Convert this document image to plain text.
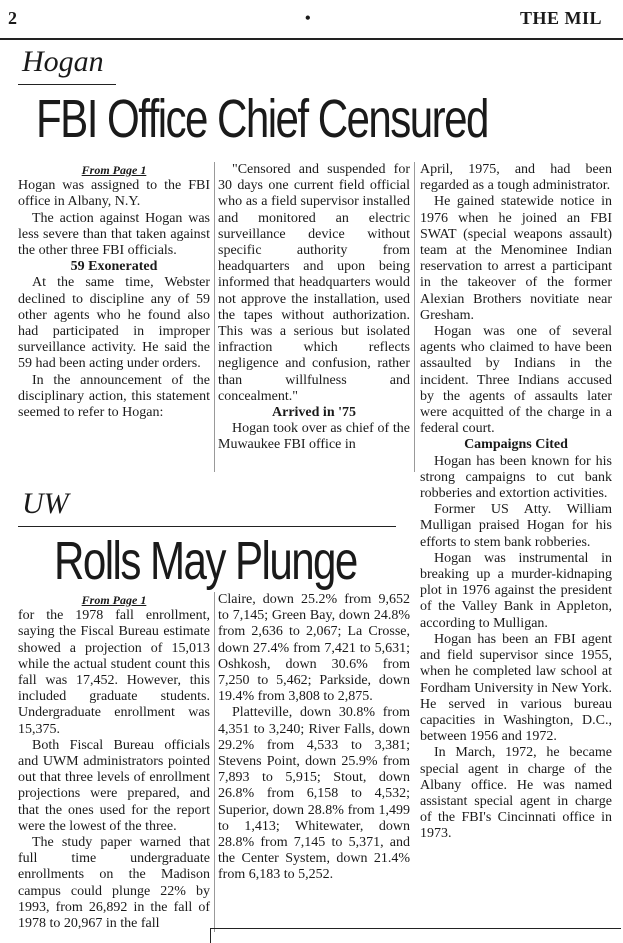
2	•	THE MIL
Hogan
FBI Office Chief Censured

From Page 1

Hogan was assigned to the FBI office in Albany, N.Y.

The action against Hogan was less severe than that taken against the other three FBI officials.

59 Exonerated

At the same time, Webster declined to discipline any of 59 other agents who he found also had participated in improper surveillance activity. He said the 59 had been acting under orders.

In the announcement of the disciplinary action, this statement seemed to refer to Hogan:

"Censored and suspended for 30 days one current field official who as a field supervisor installed and monitored an electric surveillance device without specific authority from headquarters and upon being informed that headquarters would not approve the installation, used the tapes without authorization. This was a serious but isolated infraction which reflects negligence and confusion, rather than willfulness and concealment."

Arrived in '75

Hogan took over as chief of the Muwaukee FBI office in

April, 1975, and had been regarded as a tough administrator.

He gained statewide notice in 1976 when he joined an FBI SWAT (special weapons assault) team at the Menominee Indian reservation to arrest a participant in the takeover of the former Alexian Brothers novitiate near Gresham.

Hogan was one of several agents who claimed to have been assaulted by Indians in the incident. Three Indians accused by the agents of assaults later were acquitted of the charge in a federal court.

Campaigns Cited

Hogan has been known for his strong campaigns to cut bank robberies and extortion activities.

Former US Atty. William Mulligan praised Hogan for his efforts to stem bank robberies.

Hogan was instrumental in breaking up a murder-kidnaping plot in 1976 against the president of the Valley Bank in Appleton, according to Mulligan.

Hogan has been an FBI agent and field supervisor since 1955, when he completed law school at Fordham University in New York. He served in various bureau capacities in Washington, D.C., between 1956 and 1972.

In March, 1972, he became special agent in charge of the Albany office. He was named assistant special agent in charge of the FBI's Cincinnati office in 1973.

UW
Rolls May Plunge

From Page 1

for the 1978 fall enrollment, saying the Fiscal Bureau estimate showed a projection of 15,013 while the actual student count this fall was 17,452. However, this included graduate students. Undergraduate enrollment was 15,375.

Both Fiscal Bureau officials and UWM administrators pointed out that three levels of enrollment projections were prepared, and that the ones used for the report were the lowest of the three.

The study paper warned that full time undergraduate enrollments on the Madison campus could plunge 22% by 1993, from 26,892 in the fall of 1978 to 20,967 in the fall

Claire, down 25.2% from 9,652 to 7,145; Green Bay, down 24.8% from 2,636 to 2,067; La Crosse, down 27.4% from 7,421 to 5,631; Oshkosh, down 30.6% from 7,250 to 5,462; Parkside, down 19.4% from 3,808 to 2,875.

Platteville, down 30.8% from 4,351 to 3,240; River Falls, down 29.2% from 4,533 to 3,381; Stevens Point, down 25.9% from 7,893 to 5,915; Stout, down 26.8% from 6,158 to 4,532; Superior, down 28.8% from 1,499 to 1,413; Whitewater, down 28.8% from 7,145 to 5,371, and the Center System, down 21.4% from 6,183 to 5,252.
